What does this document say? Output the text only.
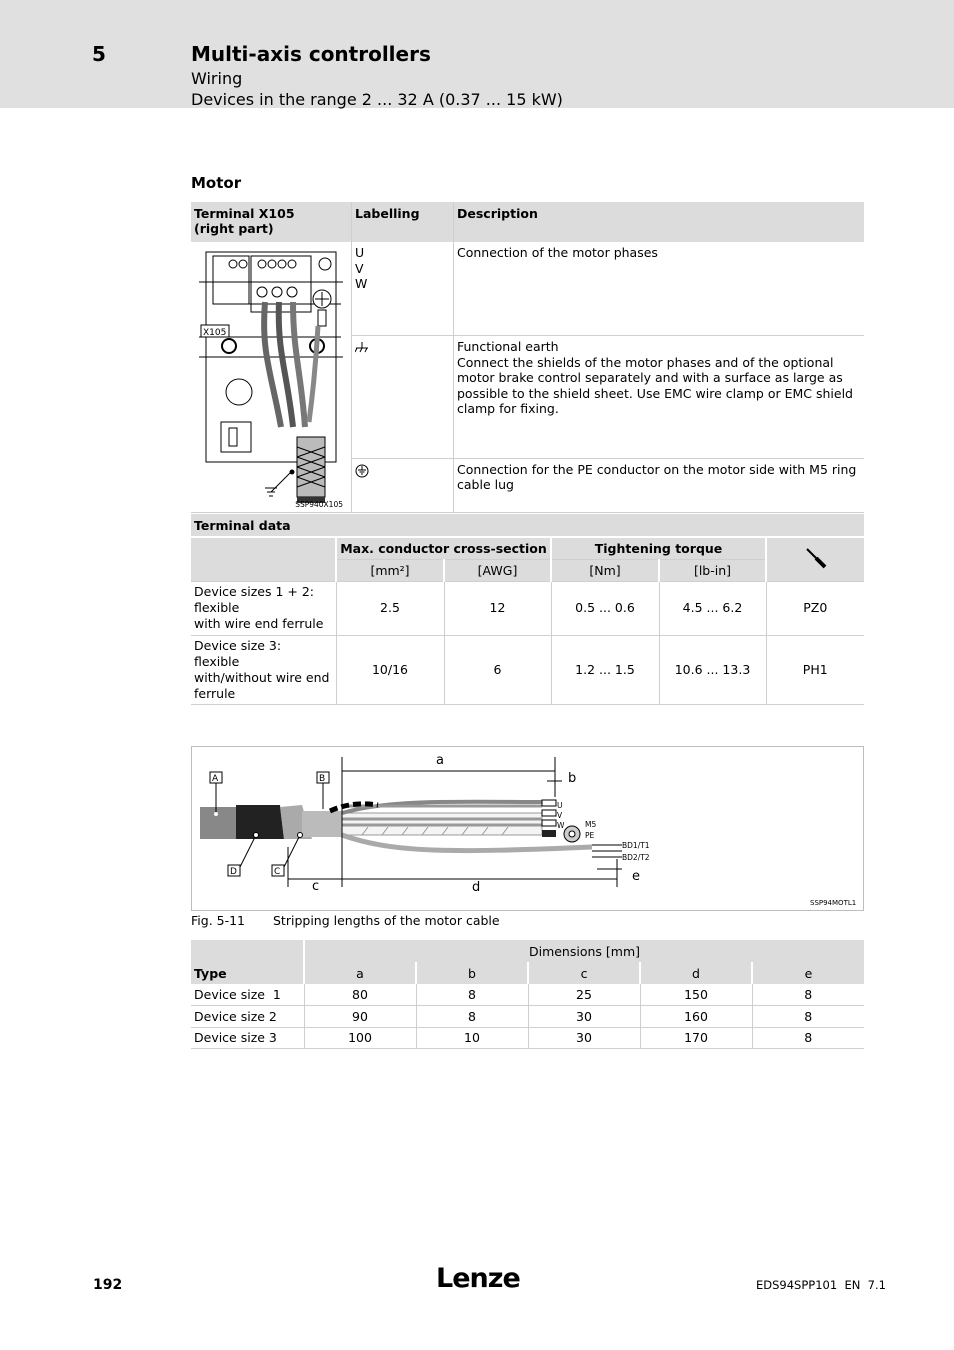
5	Multi-axis controllers
Wiring
Devices in the range 2 ... 32 A (0.37 ... 15 kW)
Motor
Terminal X105
(right part)	Labelling	Description

X105
SSP940X105	U
V
W	Connection of the motor phases
	Functional earth
Connect the shields of the motor phases and of the optional motor brake control separately and with a surface as large as possible to the shield sheet. Use EMC wire clamp or EMC shield clamp for fixing.
	Connection for the PE conductor on the motor side with M5 ring cable lug
Terminal data					
	Max. conductor cross-section		Tightening torque	
	[mm²]	[AWG]	[Nm]	[lb-in]	
Device sizes 1 + 2:
flexible
with wire end ferrule	2.5	12	0.5 ... 0.6	4.5 ... 6.2	PZ0
Device size 3:
flexible
with/without wire end ferrule	10/16	6	1.2 ... 1.5	10.6 ... 13.3	PH1
a
b
c	d
e
A	B
D	C
U
V
W	M5
PE
BD1/T1
BD2/T2
SSP94MOTL1
Fig. 5-11 Stripping lengths of the motor cable
Type	Dimensions [mm]				
	a	b	c	d	e
Device size  1	80	8	25	150	8
Device size 2	90	8	30	160	8
Device size 3	100	10	30	170	8
192	Lenze	EDS94SPP101  EN  7.1
